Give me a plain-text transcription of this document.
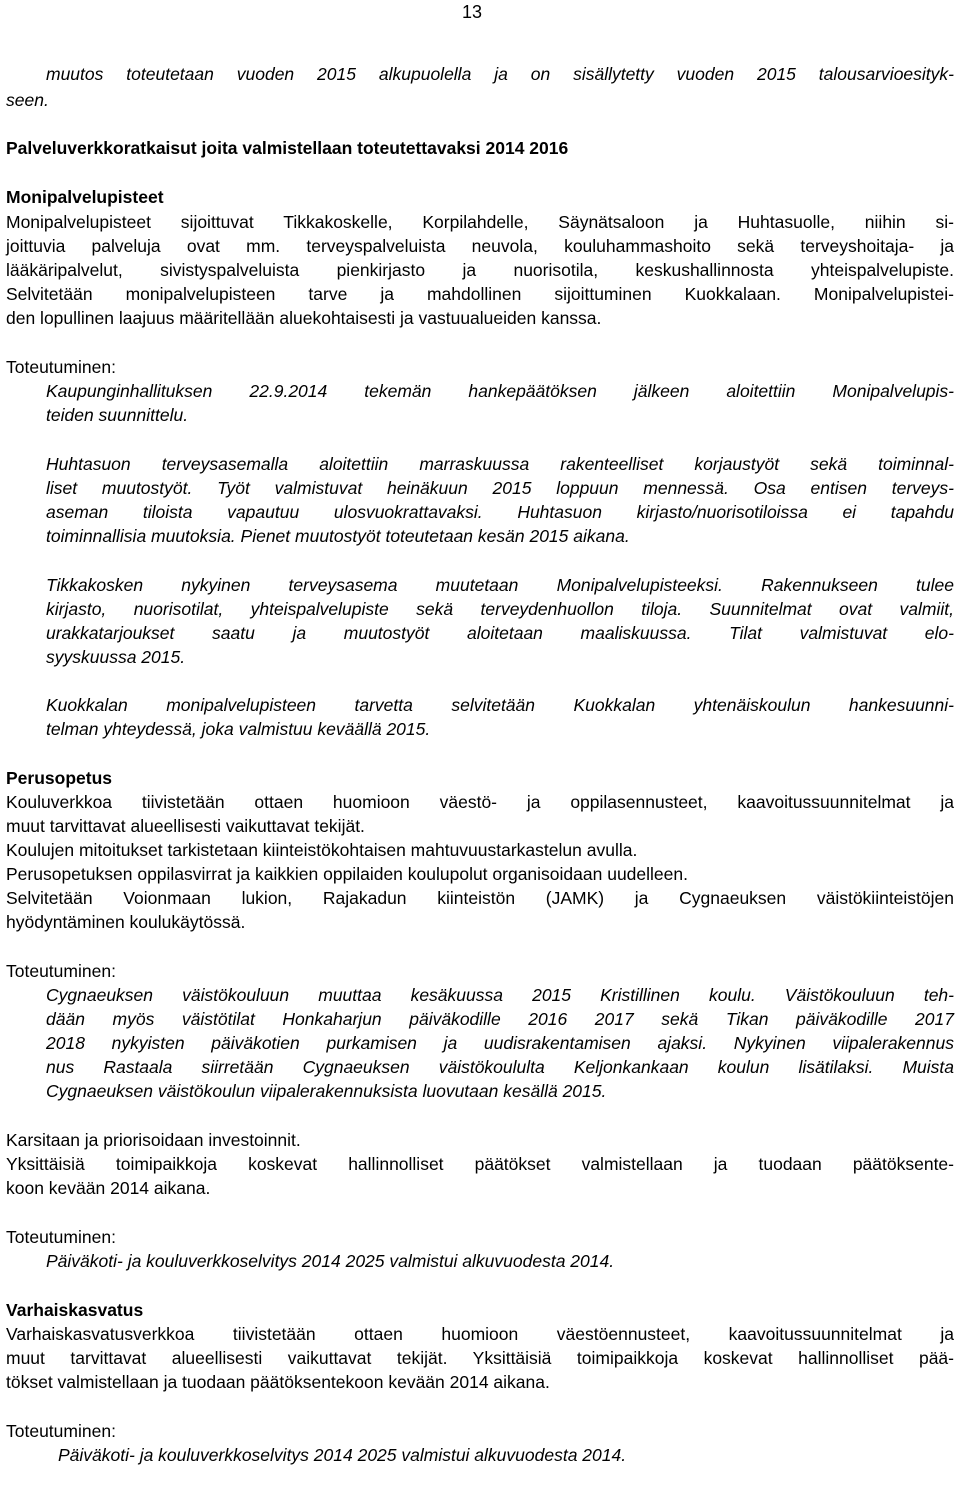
13
muutos toteutetaan vuoden 2015 alkupuolella ja on sisällytetty vuoden 2015 talousarvioesityk-
seen.
Palveluverkkoratkaisut joita valmistellaan toteutettavaksi 2014 2016
Monipalvelupisteet
Monipalvelupisteet sijoittuvat Tikkakoskelle, Korpilahdelle, Säynätsaloon ja Huhtasuolle, niihin si-
joittuvia palveluja ovat mm. terveyspalveluista neuvola, kouluhammashoito sekä terveyshoitaja- ja
lääkäripalvelut, sivistyspalveluista pienkirjasto ja nuorisotila, keskushallinnosta yhteispalvelupiste.
Selvitetään monipalvelupisteen tarve ja mahdollinen sijoittuminen Kuokkalaan. Monipalvelupistei-
den lopullinen laajuus määritellään aluekohtaisesti ja vastuualueiden kanssa.
Toteutuminen:
Kaupunginhallituksen 22.9.2014 tekemän hankepäätöksen jälkeen aloitettiin Monipalvelupis-
teiden suunnittelu.
Huhtasuon terveysasemalla aloitettiin marraskuussa rakenteelliset korjaustyöt sekä toiminnal-
liset muutostyöt. Työt valmistuvat heinäkuun 2015 loppuun mennessä. Osa entisen terveys-
aseman tiloista vapautuu ulosvuokrattavaksi. Huhtasuon kirjasto/nuorisotiloissa ei tapahdu
toiminnallisia muutoksia. Pienet muutostyöt toteutetaan kesän 2015 aikana.
Tikkakosken nykyinen terveysasema muutetaan Monipalvelupisteeksi. Rakennukseen tulee
kirjasto, nuorisotilat, yhteispalvelupiste sekä terveydenhuollon tiloja. Suunnitelmat ovat valmiit,
urakkatarjoukset saatu ja muutostyöt aloitetaan maaliskuussa. Tilat valmistuvat elo-
syyskuussa 2015.
Kuokkalan monipalvelupisteen tarvetta selvitetään Kuokkalan yhtenäiskoulun hankesuunni-
telman yhteydessä, joka valmistuu keväällä 2015.
Perusopetus
Kouluverkkoa tiivistetään ottaen huomioon väestö- ja oppilasennusteet, kaavoitussuunnitelmat ja
muut tarvittavat alueellisesti vaikuttavat tekijät.
Koulujen mitoitukset tarkistetaan kiinteistökohtaisen mahtuvuustarkastelun avulla.
Perusopetuksen oppilasvirrat ja kaikkien oppilaiden koulupolut organisoidaan uudelleen.
Selvitetään Voionmaan lukion, Rajakadun kiinteistön (JAMK) ja Cygnaeuksen väistökiinteistöjen
hyödyntäminen koulukäytössä.
Toteutuminen:
Cygnaeuksen väistökouluun muuttaa kesäkuussa 2015 Kristillinen koulu. Väistökouluun teh-
dään myös väistötilat Honkaharjun päiväkodille 2016 2017 sekä Tikan päiväkodille 2017
2018 nykyisten päiväkotien purkamisen ja uudisrakentamisen ajaksi. Nykyinen viipalerakennus
nus Rastaala siirretään Cygnaeuksen väistökoululta Keljonkankaan koulun lisätilaksi. Muista
Cygnaeuksen väistökoulun viipalerakennuksista luovutaan kesällä 2015.
Karsitaan ja priorisoidaan investoinnit.
Yksittäisiä toimipaikkoja koskevat hallinnolliset päätökset valmistellaan ja tuodaan päätöksente-
koon kevään 2014 aikana.
Toteutuminen:
Päiväkoti- ja kouluverkkoselvitys 2014 2025 valmistui alkuvuodesta 2014.
Varhaiskasvatus
Varhaiskasvatusverkkoa tiivistetään ottaen huomioon väestöennusteet, kaavoitussuunnitelmat ja
muut tarvittavat alueellisesti vaikuttavat tekijät. Yksittäisiä toimipaikkoja koskevat hallinnolliset pää-
tökset valmistellaan ja tuodaan päätöksentekoon kevään 2014 aikana.
Toteutuminen:
Päiväkoti- ja kouluverkkoselvitys 2014 2025 valmistui alkuvuodesta 2014.
